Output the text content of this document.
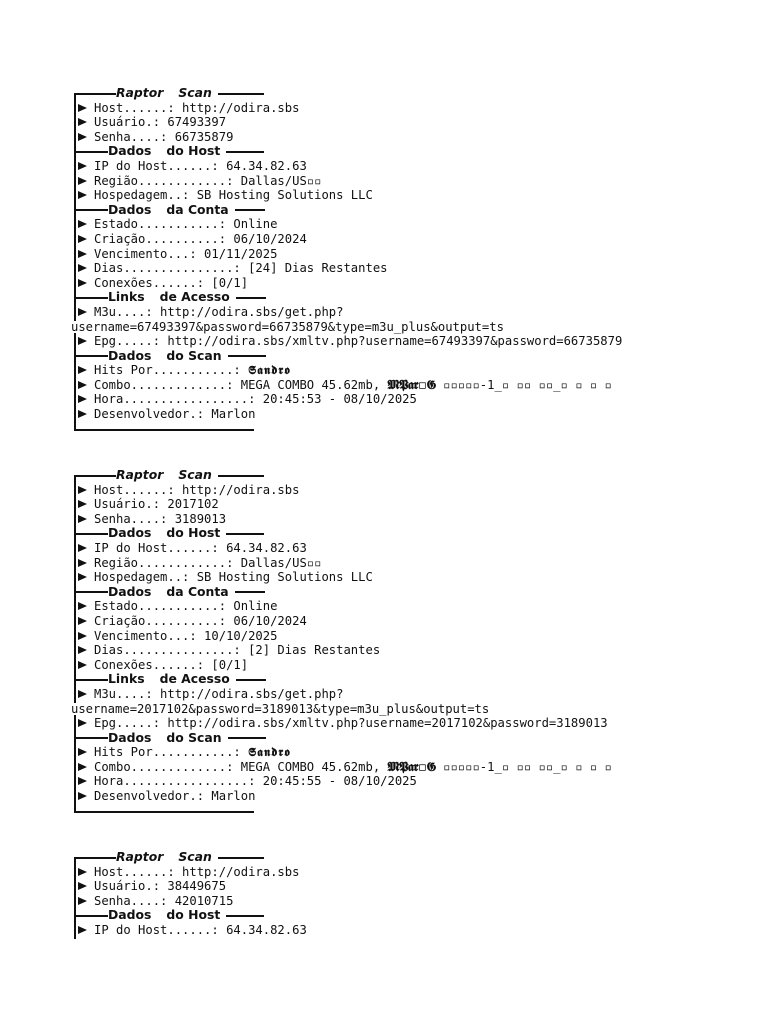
Raptor Scan
Host......: http://odira.sbs
Usuário.: 67493397
Senha....: 66735879
Dados do Host
IP do Host......: 64.34.82.63
Região............: Dallas/US▫▫
Hospedagem..: SB Hosting Solutions LLC
Dados da Conta
Estado...........: Online
Criação..........: 06/10/2024
Vencimento...: 01/11/2025
Dias...............: [24] Dias Restantes
Conexões......: [0/1]
Links de Acesso
M3u....: http://odira.sbs/get.php?
username=67493397&password=66735879&type=m3u_plus&output=ts
Epg.....: http://odira.sbs/xmltv.php?username=67493397&password=66735879
Dados do Scan
Hits Por...........: 𝕾𝖆𝖓𝖉𝖗𝖔
Combo.............: MEGA COMBO 45.62mb, 𝕸𝕻𝖆𝖗▫𝕲 ▫▫▫▫▫-1_▫ ▫▫ ▫▫_▫ ▫ ▫ ▫
Hora.................: 20:45:53 - 08/10/2025
Desenvolvedor.: Marlon
Raptor Scan
Host......: http://odira.sbs
Usuário.: 2017102
Senha....: 3189013
Dados do Host
IP do Host......: 64.34.82.63
Região............: Dallas/US▫▫
Hospedagem..: SB Hosting Solutions LLC
Dados da Conta
Estado...........: Online
Criação..........: 06/10/2024
Vencimento...: 10/10/2025
Dias...............: [2] Dias Restantes
Conexões......: [0/1]
Links de Acesso
M3u....: http://odira.sbs/get.php?
username=2017102&password=3189013&type=m3u_plus&output=ts
Epg.....: http://odira.sbs/xmltv.php?username=2017102&password=3189013
Dados do Scan
Hits Por...........: 𝕾𝖆𝖓𝖉𝖗𝖔
Combo.............: MEGA COMBO 45.62mb, 𝕸𝕻𝖆𝖗▫𝕲 ▫▫▫▫▫-1_▫ ▫▫ ▫▫_▫ ▫ ▫ ▫
Hora.................: 20:45:55 - 08/10/2025
Desenvolvedor.: Marlon
Raptor Scan
Host......: http://odira.sbs
Usuário.: 38449675
Senha....: 42010715
Dados do Host
IP do Host......: 64.34.82.63
